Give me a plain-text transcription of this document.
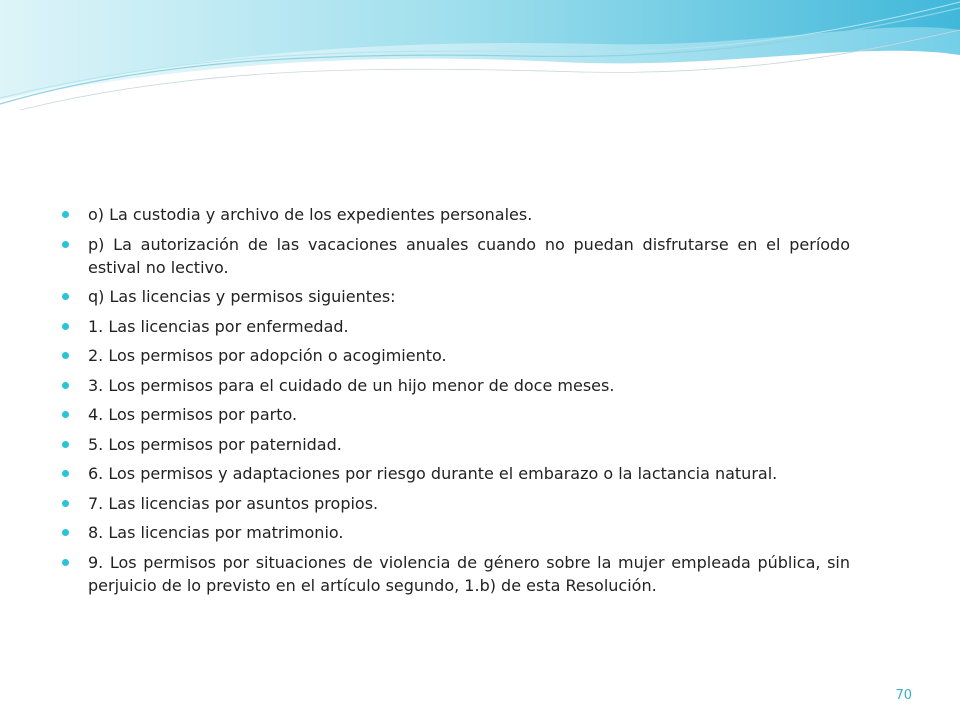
o) La custodia y archivo de los expedientes personales.
p) La autorización de las vacaciones anuales cuando no puedan disfrutarse en el período estival no lectivo.
q) Las licencias y permisos siguientes:
1. Las licencias por enfermedad.
2. Los permisos por adopción o acogimiento.
3. Los permisos para el cuidado de un hijo menor de doce meses.
4. Los permisos por parto.
5. Los permisos por paternidad.
6. Los permisos y adaptaciones por riesgo durante el embarazo o la lactancia natural.
7. Las licencias por asuntos propios.
8. Las licencias por matrimonio.
9. Los permisos por situaciones de violencia de género sobre la mujer empleada pública, sin perjuicio de lo previsto en el artículo segundo, 1.b) de esta Resolución.
70
